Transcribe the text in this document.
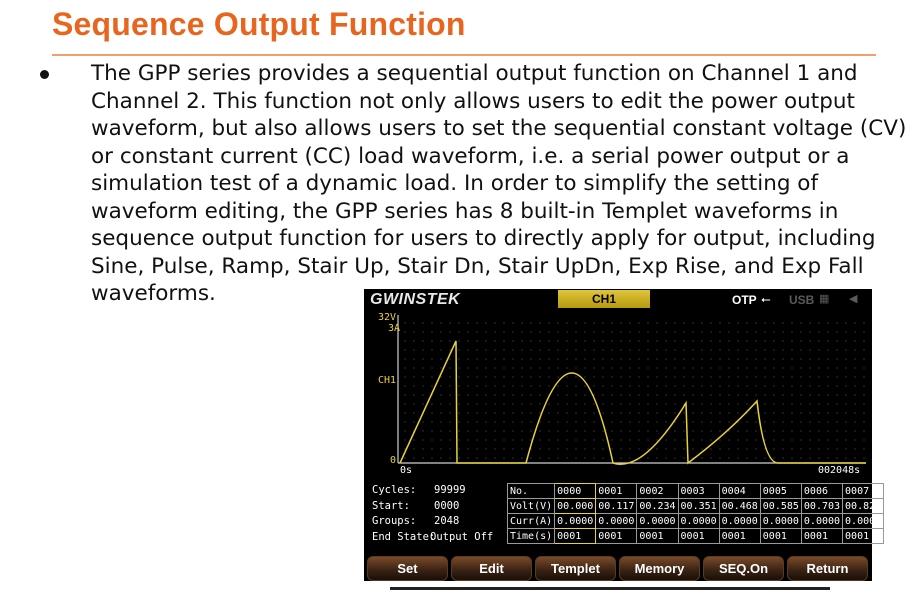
Sequence Output Function
The GPP series provides a sequential output function on Channel 1 and
Channel 2. This function not only allows users to edit the power output
waveform, but also allows users to set the sequential constant voltage (CV)
or constant current (CC) load waveform, i.e. a serial power output or a
simulation test of a dynamic load. In order to simplify the setting of
waveform editing, the GPP series has 8 built-in Templet waveforms in
sequence output function for users to directly apply for output, including
Sine, Pulse, Ramp, Stair Up, Stair Dn, Stair UpDn, Exp Rise, and Exp Fall
waveforms.	GWINSTEK	CH1	OTP ⭠ USB ▦ ◀
32V
3A
CH1
0
0s	002048s
Cycles: 99999
Start: 0000
Groups: 2048
End State:
Output Off
No.	0000	0001	0002	0003	0004	0005	0006	0007
Volt(V)	00.000	00.117	00.234	00.351	00.468	00.585	00.703	00.820
Curr(A)	0.0000	0.0000	0.0000	0.0000	0.0000	0.0000	0.0000	0.0000
Time(s)	0001	0001	0001	0001	0001	0001	0001	0001
Set	Edit	Templet	Memory	SEQ.On	Return
